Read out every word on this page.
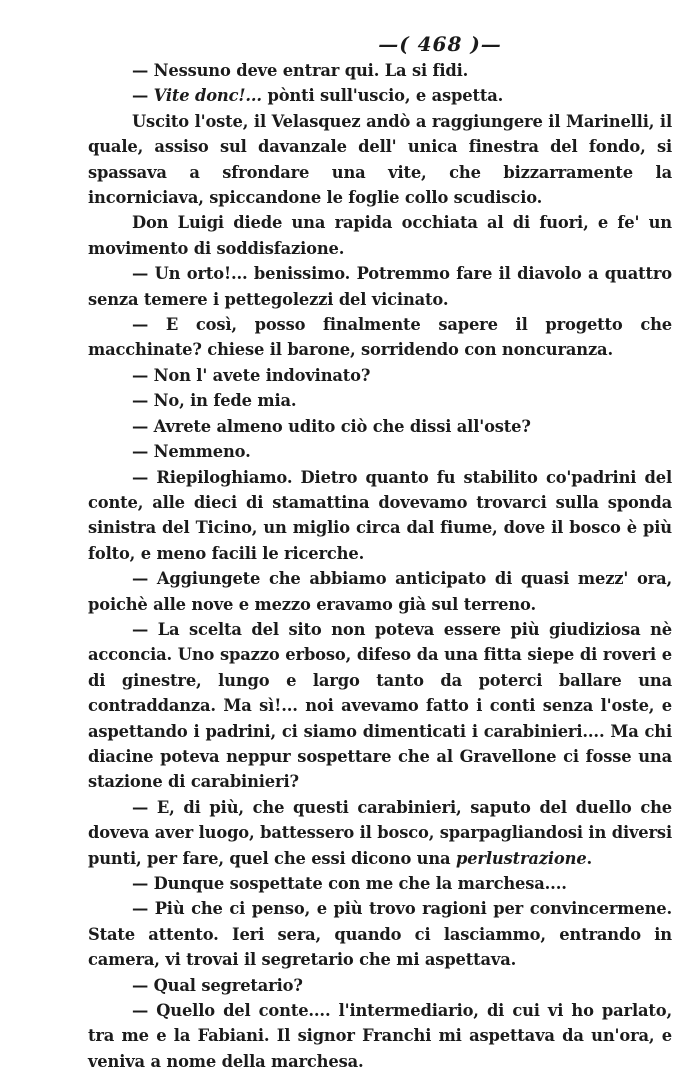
—( 468 )—

— Nessuno deve entrar qui. La si fidi.

— Vite donc!... pònti sull'uscio, e aspetta.

Uscito l'oste, il Velasquez andò a raggiungere il Marinelli, il quale, assiso sul davanzale dell' unica finestra del fondo, si spassava a sfrondare una vite, che bizzarramente la incorniciava, spiccandone le foglie collo scudiscio.

Don Luigi diede una rapida occhiata al di fuori, e fe' un movimento di soddisfazione.

— Un orto!... benissimo. Potremmo fare il diavolo a quattro senza temere i pettegolezzi del vicinato.

— E così, posso finalmente sapere il progetto che macchinate? chiese il barone, sorridendo con noncuranza.

— Non l' avete indovinato?

— No, in fede mia.

— Avrete almeno udito ciò che dissi all'oste?

— Nemmeno.

— Riepiloghiamo. Dietro quanto fu stabilito co'padrini del conte, alle dieci di stamattina dovevamo trovarci sulla sponda sinistra del Ticino, un miglio circa dal fiume, dove il bosco è più folto, e meno facili le ricerche.

— Aggiungete che abbiamo anticipato di quasi mezz' ora, poichè alle nove e mezzo eravamo già sul terreno.

— La scelta del sito non poteva essere più giudiziosa nè acconcia. Uno spazzo erboso, difeso da una fitta siepe di roveri e di ginestre, lungo e largo tanto da poterci ballare una contraddanza. Ma sì!... noi avevamo fatto i conti senza l'oste, e aspettando i padrini, ci siamo dimenticati i carabinieri.... Ma chi diacine poteva neppur sospettare che al Gravellone ci fosse una stazione di carabinieri?

— E, di più, che questi carabinieri, saputo del duello che doveva aver luogo, battessero il bosco, sparpagliandosi in diversi punti, per fare, quel che essi dicono una perlustrazione.

— Dunque sospettate con me che la marchesa....

— Più che ci penso, e più trovo ragioni per convincermene. State attento. Ieri sera, quando ci lasciammo, entrando in camera, vi trovai il segretario che mi aspettava.

— Qual segretario?

— Quello del conte.... l'intermediario, di cui vi ho parlato, tra me e la Fabiani. Il signor Franchi mi aspettava da un'ora, e veniva a nome della marchesa.
